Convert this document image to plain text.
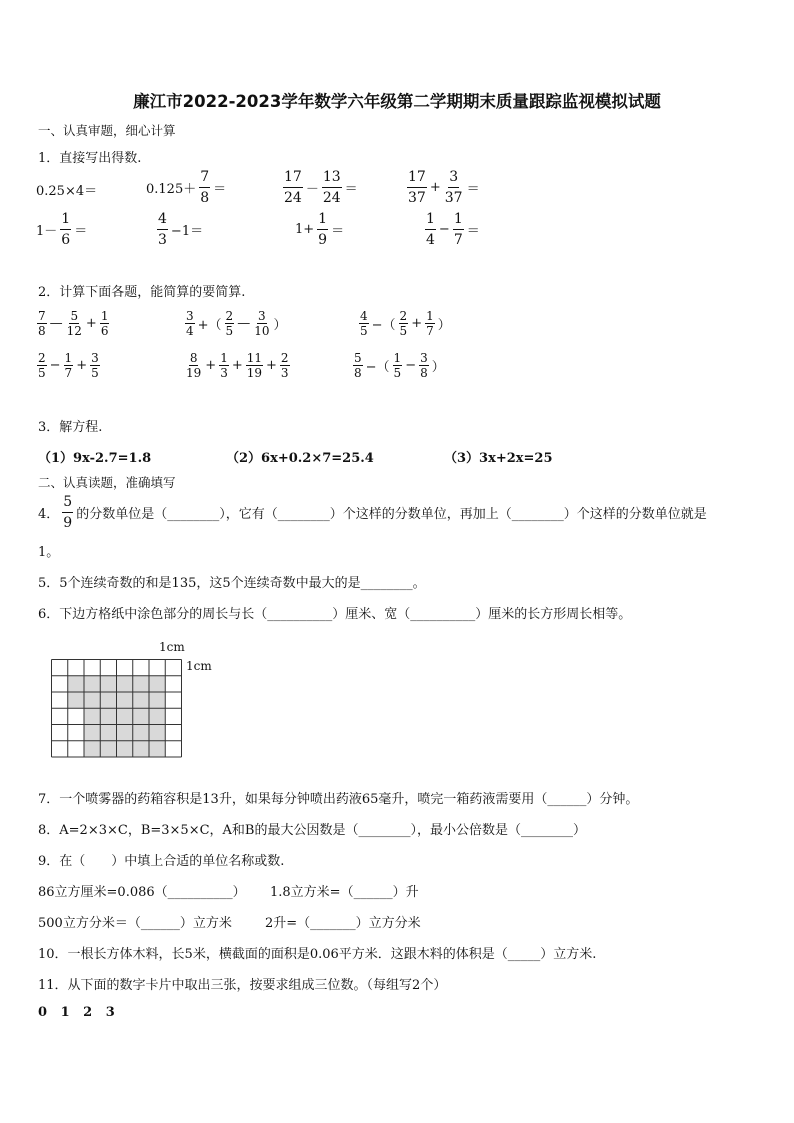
廉江市2022-2023学年数学六年级第二学期期末质量跟踪监视模拟试题
一、认真审题，细心计算
1．直接写出得数.
0.25×4＝	$0.125+ \frac{7}{8}$ ＝	$\frac{17}{24} - \frac{13}{24}$ ＝	$\frac{17}{37} + \frac{3}{37}$ ＝
$1- \frac{1}{6}$ ＝	$\frac{4}{3} -1=$	$1+ \frac{1}{9}$ ＝	$\frac{1}{4} - \frac{1}{7}$ ＝
2．计算下面各题，能简算的要简算.
$\frac{7}{8}$ — $\frac{5}{12} + \frac{1}{6}$	$\frac{3}{4}$ +（ $\frac{2}{5}$ — $\frac{3}{10}$ ）	$\frac{4}{5}$ −（ $\frac{2}{5} + \frac{1}{7}$ ）
$\frac{2}{5} - \frac{1}{7} + \frac{3}{5}$	$\frac{8}{19} + \frac{1}{3} + \frac{11}{19} + \frac{2}{3}$	$\frac{5}{8}$ −（ $\frac{1}{5} - \frac{3}{8}$ ）
3．解方程.
（1）9x-2.7=1.8	（2）6x+0.2×7=25.4	（3）3x+2x=25
二、认真读题，准确填写
4． $\frac{5}{9}$ 的分数单位是（________），它有（________）个这样的分数单位，再加上（________）个这样的分数单位就是
1。
5．5个连续奇数的和是135，这5个连续奇数中最大的是________。
6．下边方格纸中涂色部分的周长与长（__________）厘米、宽（__________）厘米的长方形周长相等。
1cm
1cm
7．一个喷雾器的药箱容积是13升，如果每分钟喷出药液65毫升，喷完一箱药液需要用（______）分钟。
8．A=2×3×C，B=3×5×C，A和B的最大公因数是（________），最小公倍数是（________）
9．在（　　）中填上合适的单位名称或数.
86立方厘米=0.086（__________） 1.8立方米=（______）升
500立方分米＝（______）立方米	2升=（_______）立方分米
10．一根长方体木料，长5米，横截面的面积是0.06平方米．这跟木料的体积是（_____）立方米.
11．从下面的数字卡片中取出三张，按要求组成三位数。（每组写2个）
0 1 2 3
